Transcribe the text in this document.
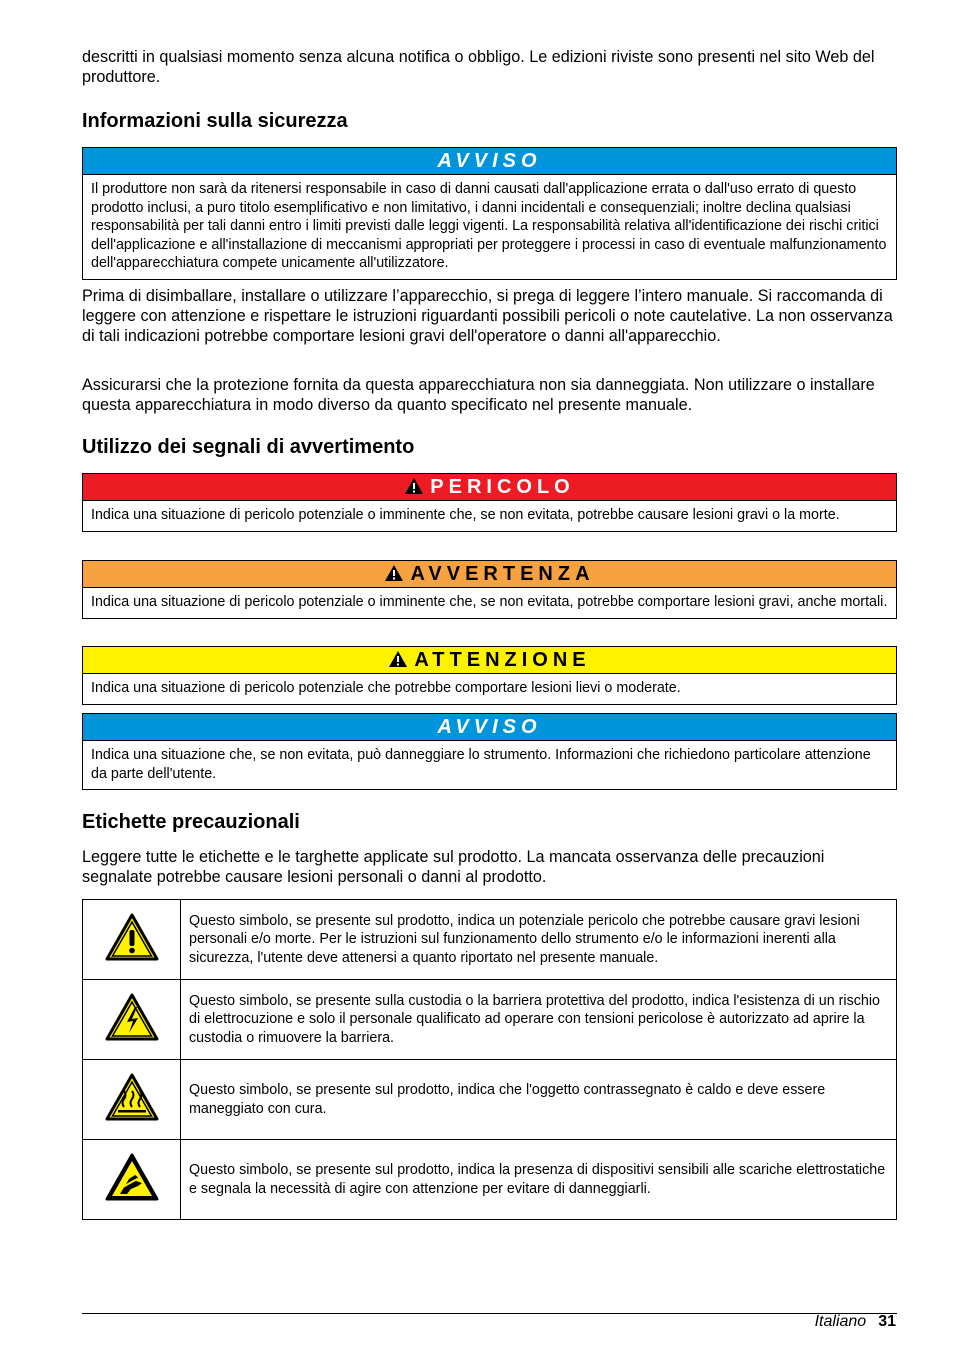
descritti in qualsiasi momento senza alcuna notifica o obbligo. Le edizioni riviste sono presenti nel sito Web del produttore.

Informazioni sulla sicurezza
AVVISO
Il produttore non sarà da ritenersi responsabile in caso di danni causati dall'applicazione errata o dall'uso errato di questo prodotto inclusi, a puro titolo esemplificativo e non limitativo, i danni incidentali e consequenziali; inoltre declina qualsiasi responsabilità per tali danni entro i limiti previsti dalle leggi vigenti. La responsabilità relativa all'identificazione dei rischi critici dell'applicazione e all'installazione di meccanismi appropriati per proteggere i processi in caso di eventuale malfunzionamento dell'apparecchiatura compete unicamente all'utilizzatore.

Prima di disimballare, installare o utilizzare l’apparecchio, si prega di leggere l’intero manuale. Si raccomanda di leggere con attenzione e rispettare le istruzioni riguardanti possibili pericoli o note cautelative. La non osservanza di tali indicazioni potrebbe comportare lesioni gravi dell'operatore o danni all'apparecchio.

Assicurarsi che la protezione fornita da questa apparecchiatura non sia danneggiata. Non utilizzare o installare questa apparecchiatura in modo diverso da quanto specificato nel presente manuale.

Utilizzo dei segnali di avvertimento
PERICOLO
Indica una situazione di pericolo potenziale o imminente che, se non evitata, potrebbe causare lesioni gravi o la morte.
AVVERTENZA
Indica una situazione di pericolo potenziale o imminente che, se non evitata, potrebbe comportare lesioni gravi, anche mortali.
ATTENZIONE
Indica una situazione di pericolo potenziale che potrebbe comportare lesioni lievi o moderate.
AVVISO
Indica una situazione che, se non evitata, può danneggiare lo strumento. Informazioni che richiedono particolare attenzione da parte dell'utente.
Etichette precauzionali

Leggere tutte le etichette e le targhette applicate sul prodotto. La mancata osservanza delle precauzioni segnalate potrebbe causare lesioni personali o danni al prodotto.

	Questo simbolo, se presente sul prodotto, indica un potenziale pericolo che potrebbe causare gravi lesioni personali e/o morte. Per le istruzioni sul funzionamento dello strumento e/o le informazioni inerenti alla sicurezza, l'utente deve attenersi a quanto riportato nel presente manuale.
	Questo simbolo, se presente sulla custodia o la barriera protettiva del prodotto, indica l'esistenza di un rischio di elettrocuzione e solo il personale qualificato ad operare con tensioni pericolose è autorizzato ad aprire la custodia o rimuovere la barriera.
	Questo simbolo, se presente sul prodotto, indica che l'oggetto contrassegnato è caldo e deve essere maneggiato con cura.
	Questo simbolo, se presente sul prodotto, indica la presenza di dispositivi sensibili alle scariche elettrostatiche e segnala la necessità di agire con attenzione per evitare di danneggiarli.
Italiano 31
